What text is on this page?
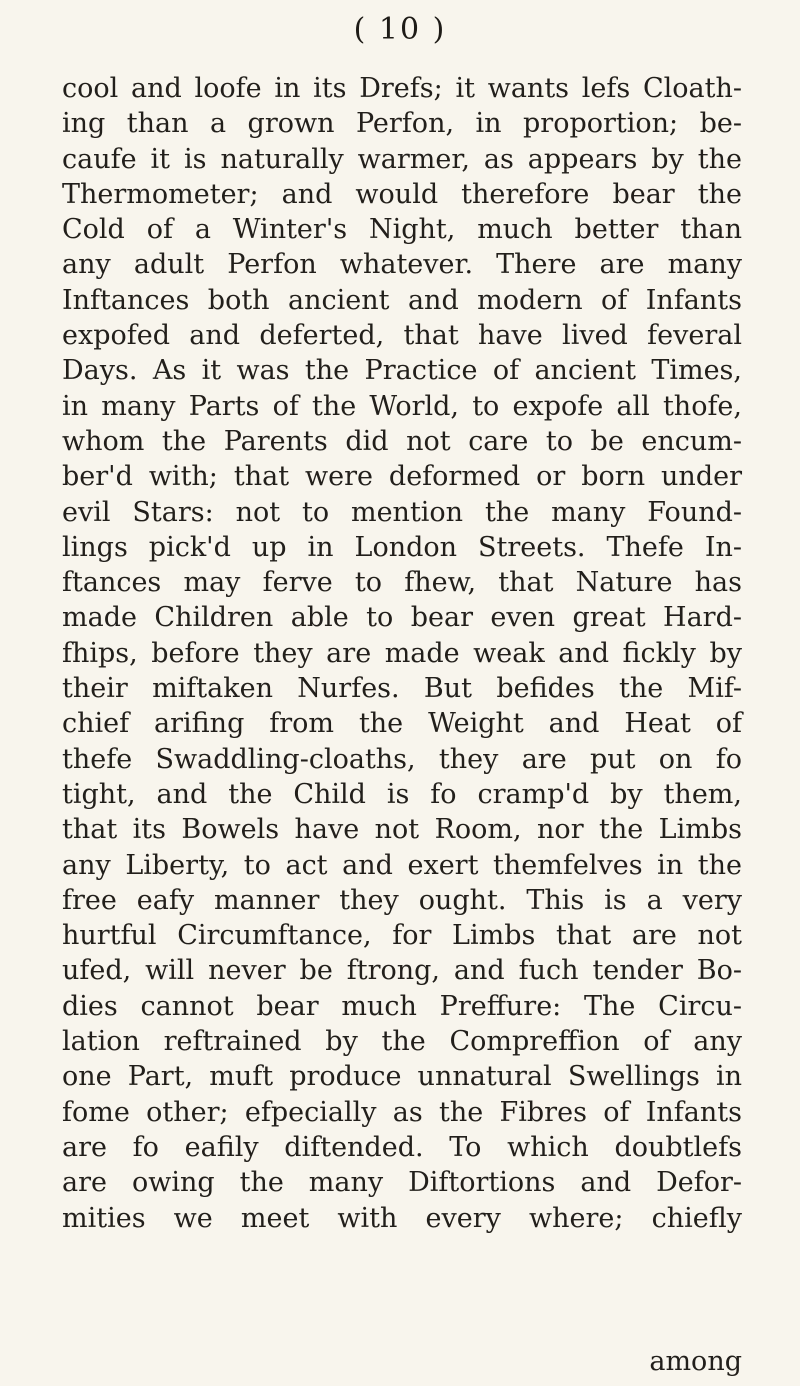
( 10 )
cool and loofe in its Drefs; it wants lefs Cloath-
ing than a grown Perfon, in proportion; be-
caufe it is naturally warmer, as appears by the
Thermometer; and would therefore bear the
Cold of a Winter's Night, much better than
any adult Perfon whatever. There are many
Inftances both ancient and modern of Infants
expofed and deferted, that have lived feveral
Days. As it was the Practice of ancient Times,
in many Parts of the World, to expofe all thofe,
whom the Parents did not care to be encum-
ber'd with; that were deformed or born under
evil Stars: not to mention the many Found-
lings pick'd up in London Streets. Thefe In-
ftances may ferve to fhew, that Nature has
made Children able to bear even great Hard-
fhips, before they are made weak and fickly by
their miftaken Nurfes. But befides the Mif-
chief arifing from the Weight and Heat of
thefe Swaddling-cloaths, they are put on fo
tight, and the Child is fo cramp'd by them,
that its Bowels have not Room, nor the Limbs
any Liberty, to act and exert themfelves in the
free eafy manner they ought. This is a very
hurtful Circumftance, for Limbs that are not
ufed, will never be ftrong, and fuch tender Bo-
dies cannot bear much Preffure: The Circu-
lation reftrained by the Compreffion of any
one Part, muft produce unnatural Swellings in
fome other; efpecially as the Fibres of Infants
are fo eafily diftended. To which doubtlefs
are owing the many Diftortions and Defor-
mities we meet with every where; chiefly
among
